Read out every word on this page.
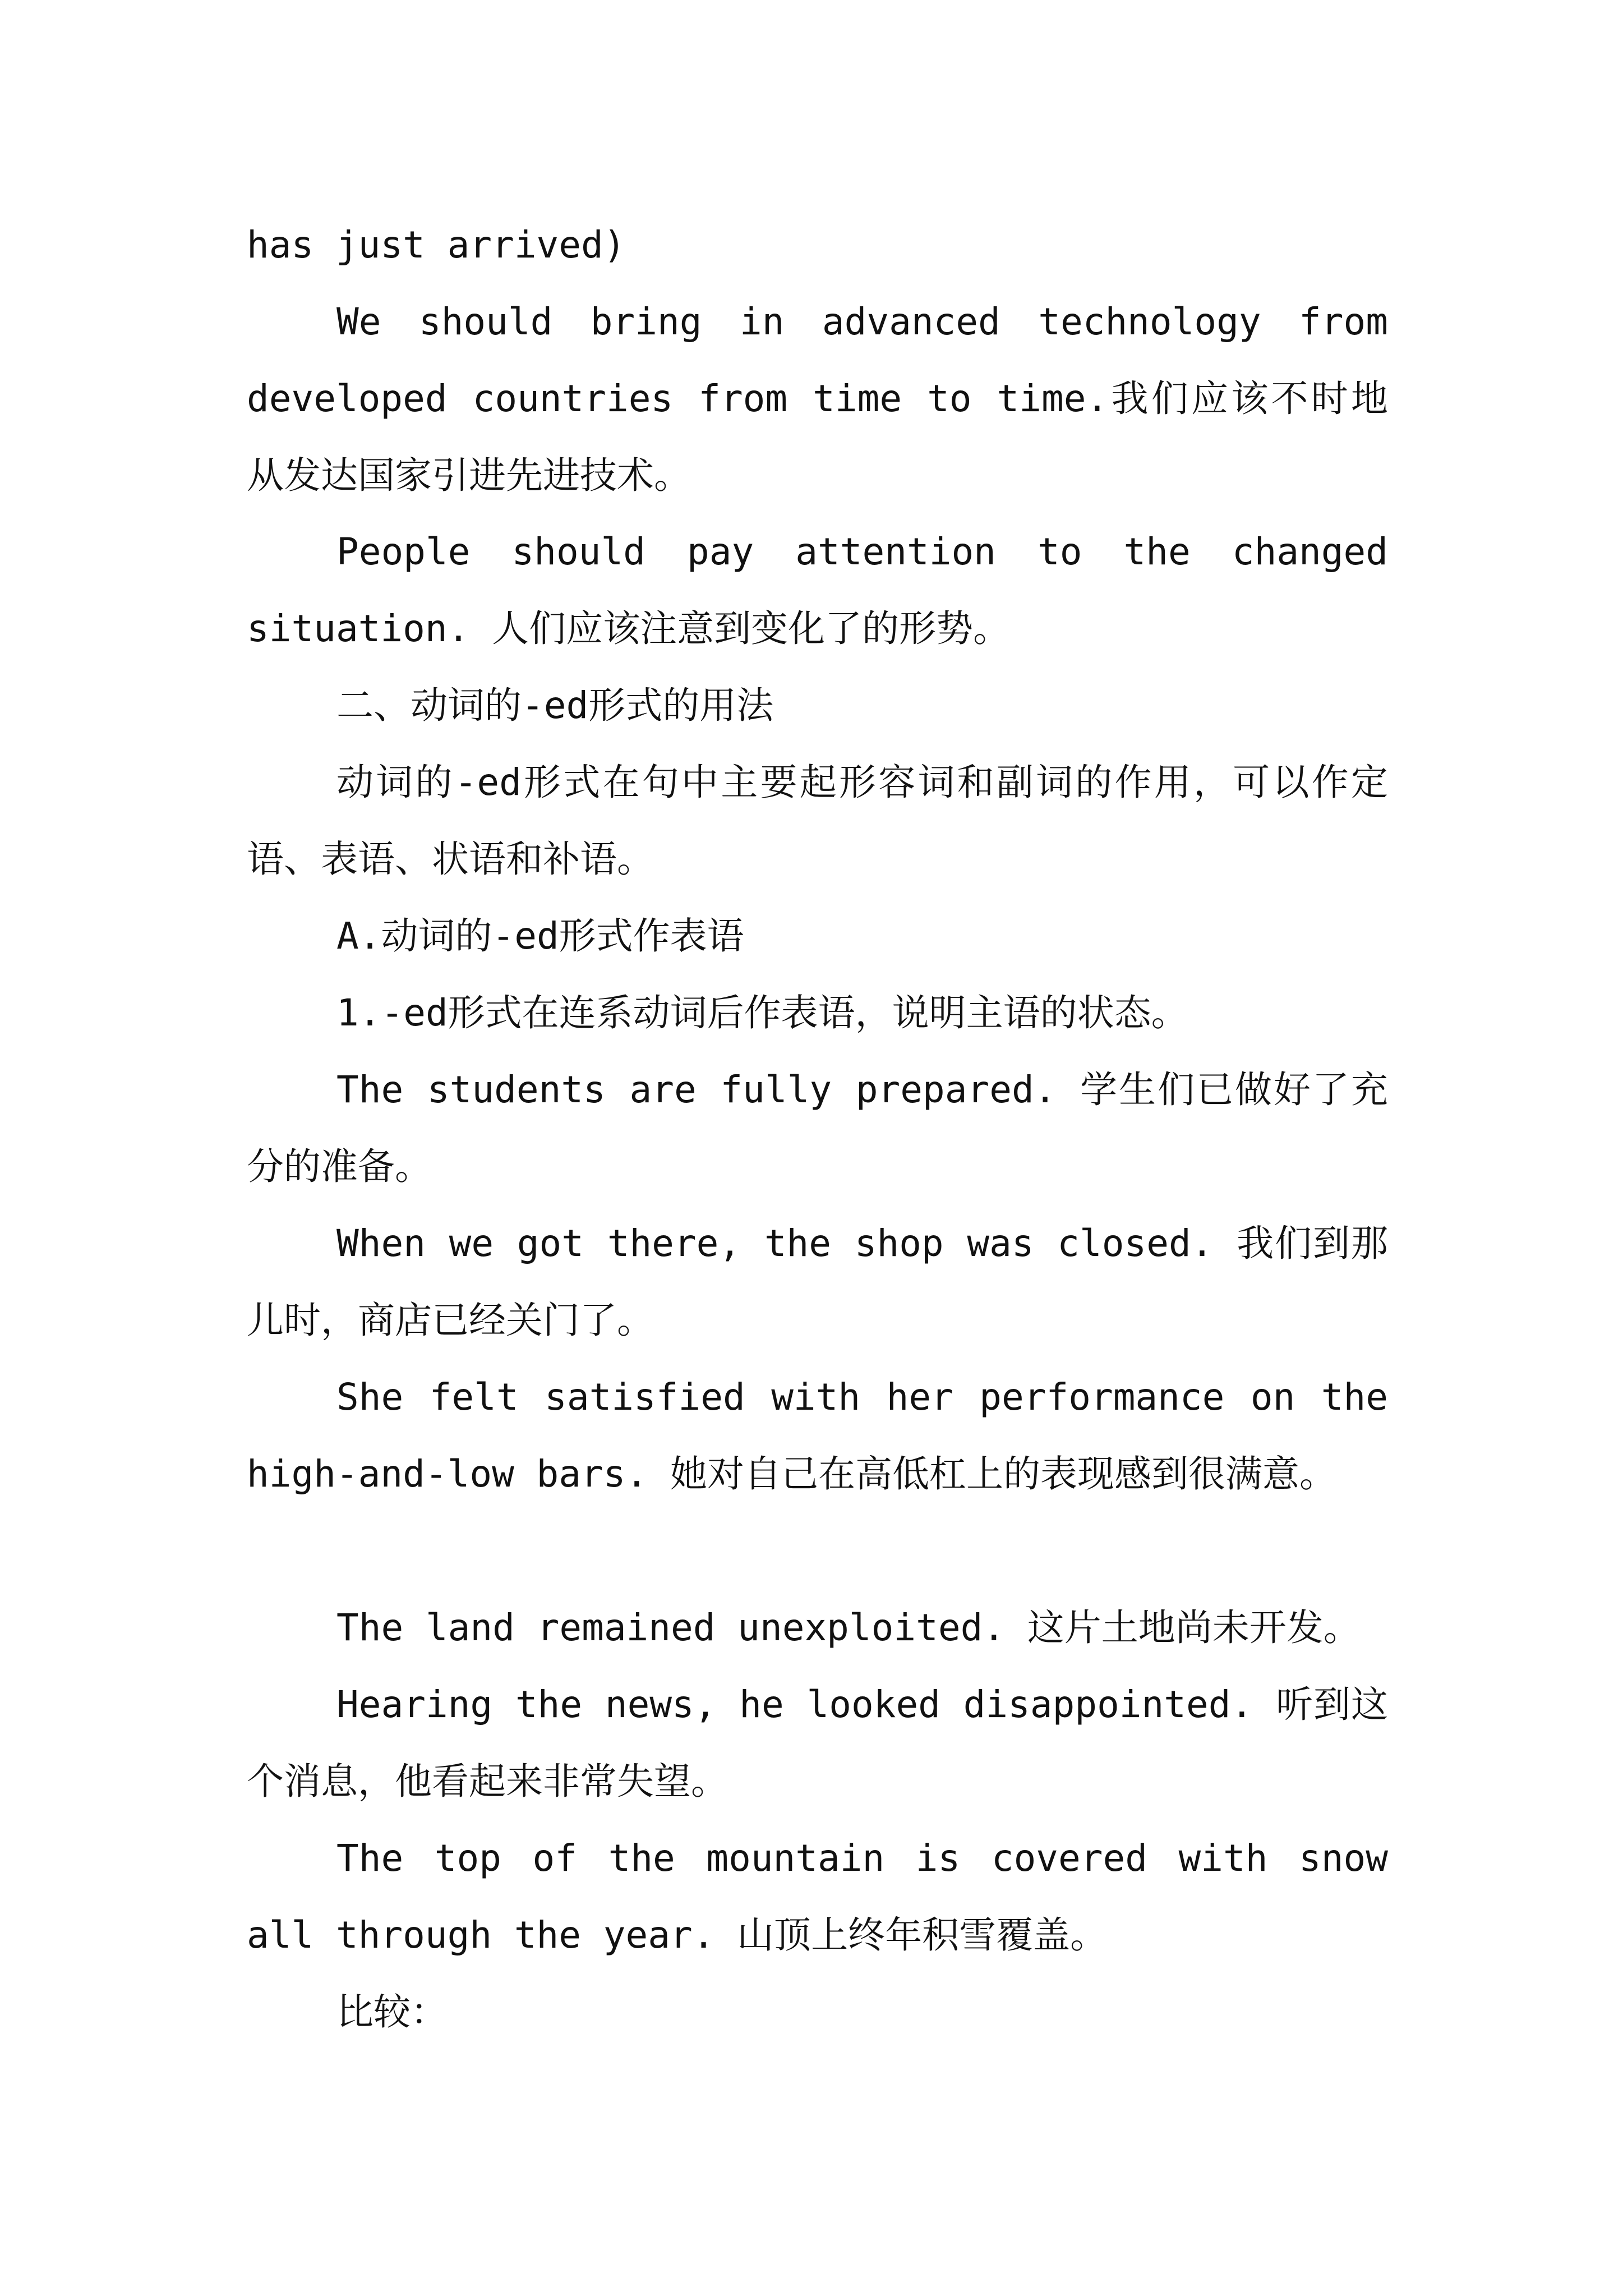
has just arrived)

We should bring in advanced technology from developed countries from time to time.我们应该不时地从发达国家引进先进技术。

People should pay attention to the changed situation. 人们应该注意到变化了的形势。

二、动词的-ed形式的用法

动词的-ed形式在句中主要起形容词和副词的作用，可以作定语、表语、状语和补语。

A.动词的-ed形式作表语

1.-ed形式在连系动词后作表语，说明主语的状态。

The students are fully prepared. 学生们已做好了充分的准备。

When we got there, the shop was closed. 我们到那儿时，商店已经关门了。

She felt satisfied with her performance on the high-and-low bars. 她对自己在高低杠上的表现感到很满意。

The land remained unexploited. 这片土地尚未开发。

Hearing the news, he looked disappointed. 听到这个消息，他看起来非常失望。

The top of the mountain is covered with snow all through the year. 山顶上终年积雪覆盖。

比较：
